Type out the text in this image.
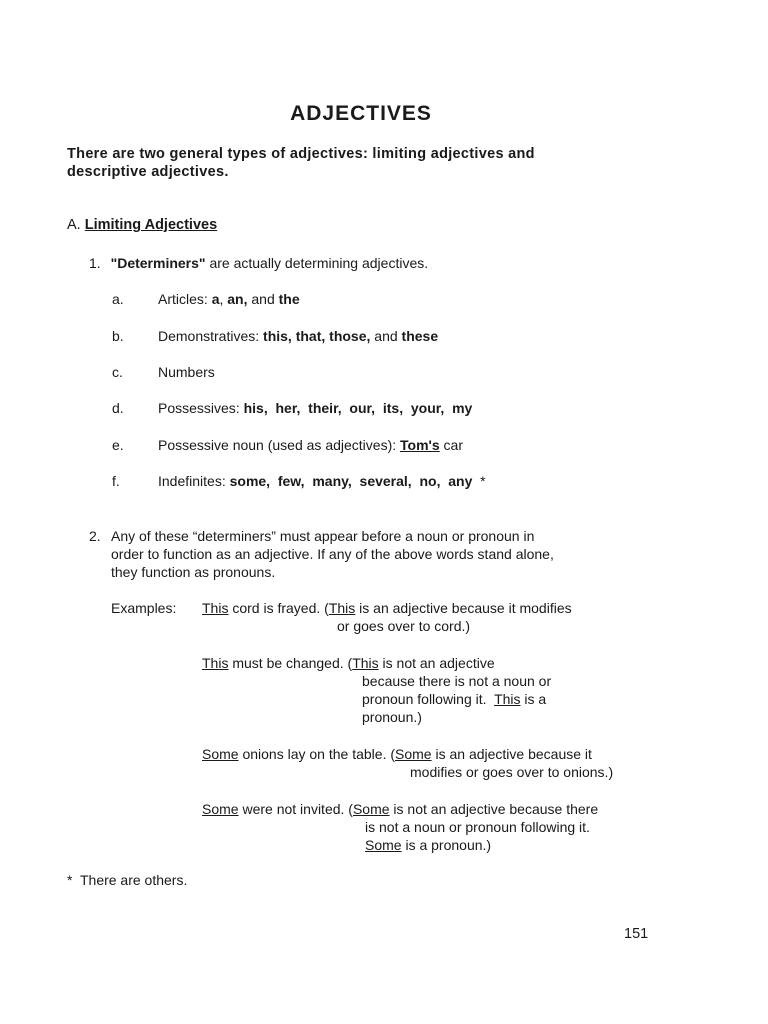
ADJECTIVES
There are two general types of adjectives: limiting adjectives and
descriptive adjectives.
A. Limiting Adjectives
1. "Determiners" are actually determining adjectives.
a. Articles: a, an, and the
b. Demonstratives: this, that, those, and these
c.	Numbers
d. Possessives: his,  her,  their,  our,  its,  your,  my
e. Possessive noun (used as adjectives): Tom's car
f.	Indefinites: some,  few,  many,  several,  no,  any  *
2. Any of these “determiners” must appear before a noun or pronoun in
order to function as an adjective. If any of the above words stand alone,
they function as pronouns.
Examples: This cord is frayed. (This is an adjective because it modifies
or goes over to cord.)
This must be changed. (This is not an adjective
because there is not a noun or
pronoun following it.  This is a
pronoun.)
Some onions lay on the table. (Some is an adjective because it
modifies or goes over to onions.)
Some were not invited. (Some is not an adjective because there
is not a noun or pronoun following it.
Some is a pronoun.)
*  There are others.
151
